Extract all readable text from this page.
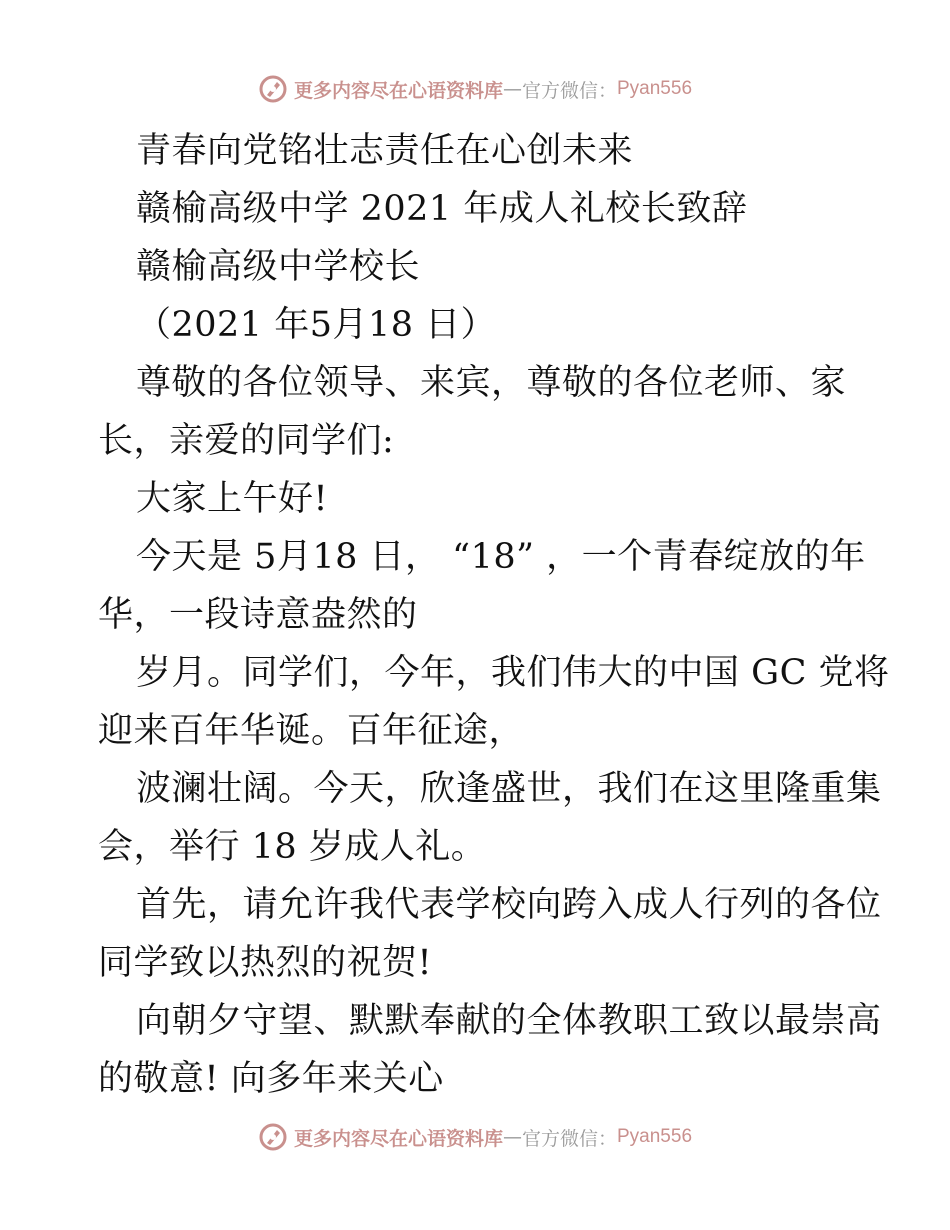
更多内容尽在心语资料库 — 官方微信： Pyan556
青春向党铭壮志责任在心创未来
赣榆高级中学 2021 年成人礼校长致辞
赣榆高级中学校长
（2021 年5月18 日）
尊敬的各位领导、来宾，尊敬的各位老师、家
长，亲爱的同学们:
大家上午好!
今天是 5月18 日， “18” ，一个青春绽放的年
华，一段诗意盎然的
岁月。同学们，今年，我们伟大的中国 GC 党将
迎来百年华诞。百年征途，
波澜壮阔。今天，欣逢盛世，我们在这里隆重集
会，举行 18 岁成人礼。
首先，请允许我代表学校向跨入成人行列的各位
同学致以热烈的祝贺!
向朝夕守望、默默奉献的全体教职工致以最崇高
的敬意! 向多年来关心
更多内容尽在心语资料库 — 官方微信： Pyan556
